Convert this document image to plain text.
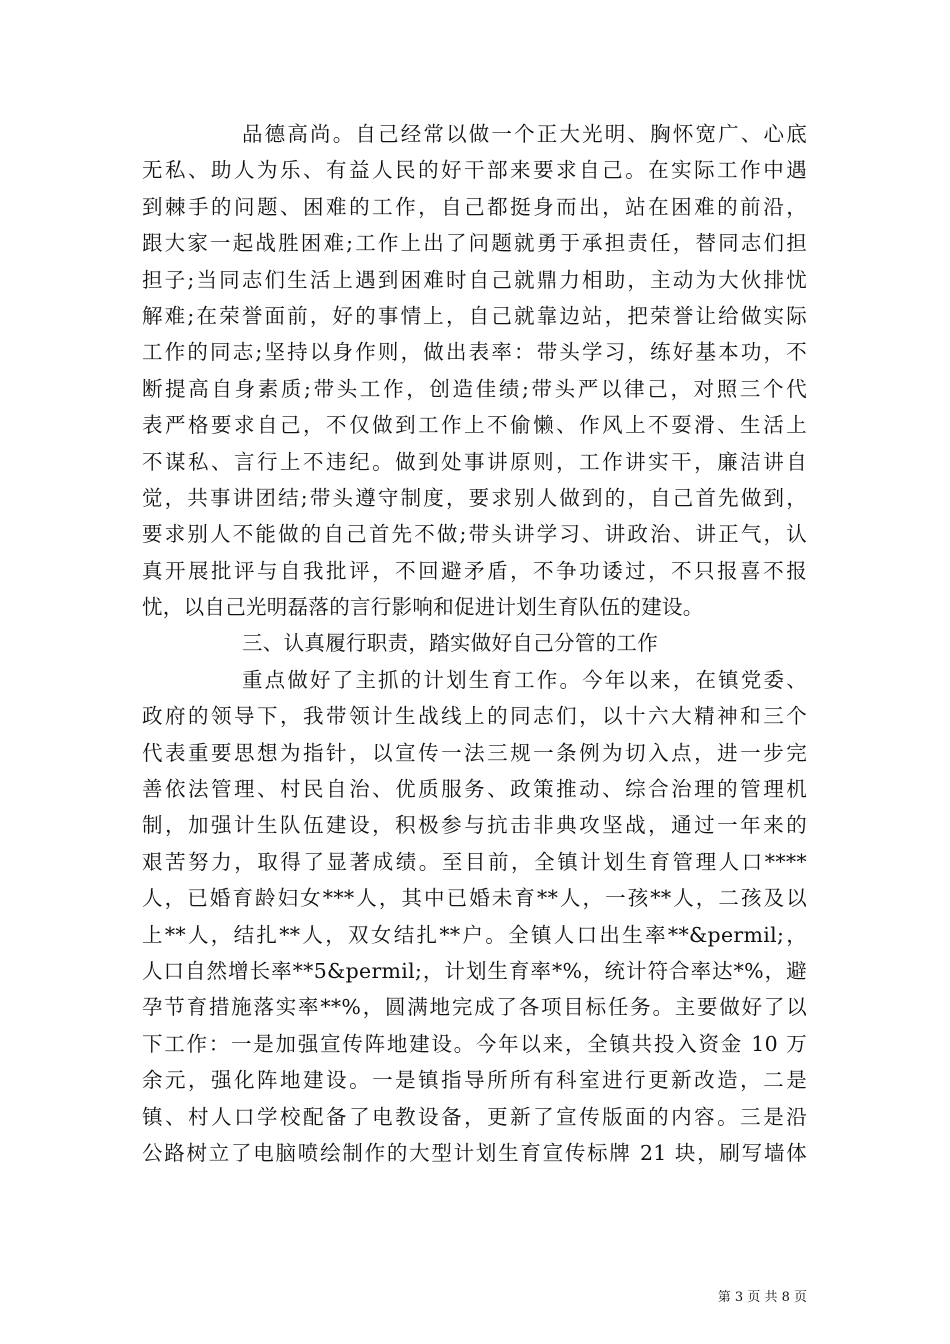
品德高尚。自己经常以做一个正大光明、胸怀宽广、心底
无私、助人为乐、有益人民的好干部来要求自己。在实际工作中遇
到棘手的问题、困难的工作，自己都挺身而出，站在困难的前沿，
跟大家一起战胜困难;工作上出了问题就勇于承担责任，替同志们担
担子;当同志们生活上遇到困难时自己就鼎力相助，主动为大伙排忧
解难;在荣誉面前，好的事情上，自己就靠边站，把荣誉让给做实际
工作的同志;坚持以身作则，做出表率：带头学习，练好基本功，不
断提高自身素质;带头工作，创造佳绩;带头严以律己，对照三个代
表严格要求自己，不仅做到工作上不偷懒、作风上不耍滑、生活上
不谋私、言行上不违纪。做到处事讲原则，工作讲实干，廉洁讲自
觉，共事讲团结;带头遵守制度，要求别人做到的，自己首先做到，
要求别人不能做的自己首先不做;带头讲学习、讲政治、讲正气，认
真开展批评与自我批评，不回避矛盾，不争功诿过，不只报喜不报
忧，以自己光明磊落的言行影响和促进计划生育队伍的建设。
三、认真履行职责，踏实做好自己分管的工作
重点做好了主抓的计划生育工作。今年以来，在镇党委、
政府的领导下，我带领计生战线上的同志们，以十六大精神和三个
代表重要思想为指针，以宣传一法三规一条例为切入点，进一步完
善依法管理、村民自治、优质服务、政策推动、综合治理的管理机
制，加强计生队伍建设，积极参与抗击非典攻坚战，通过一年来的
艰苦努力，取得了显著成绩。至目前，全镇计划生育管理人口****
人，已婚育龄妇女***人，其中已婚未育**人，一孩**人，二孩及以
上**人，结扎**人，双女结扎**户。全镇人口出生率**&permil;，
人口自然增长率**5&permil;，计划生育率*%，统计符合率达*%，避
孕节育措施落实率**%，圆满地完成了各项目标任务。主要做好了以
下工作：一是加强宣传阵地建设。今年以来，全镇共投入资金 10 万
余元，强化阵地建设。一是镇指导所所有科室进行更新改造，二是
镇、村人口学校配备了电教设备，更新了宣传版面的内容。三是沿
公路树立了电脑喷绘制作的大型计划生育宣传标牌 21 块，刷写墙体
第 3 页 共 8 页
